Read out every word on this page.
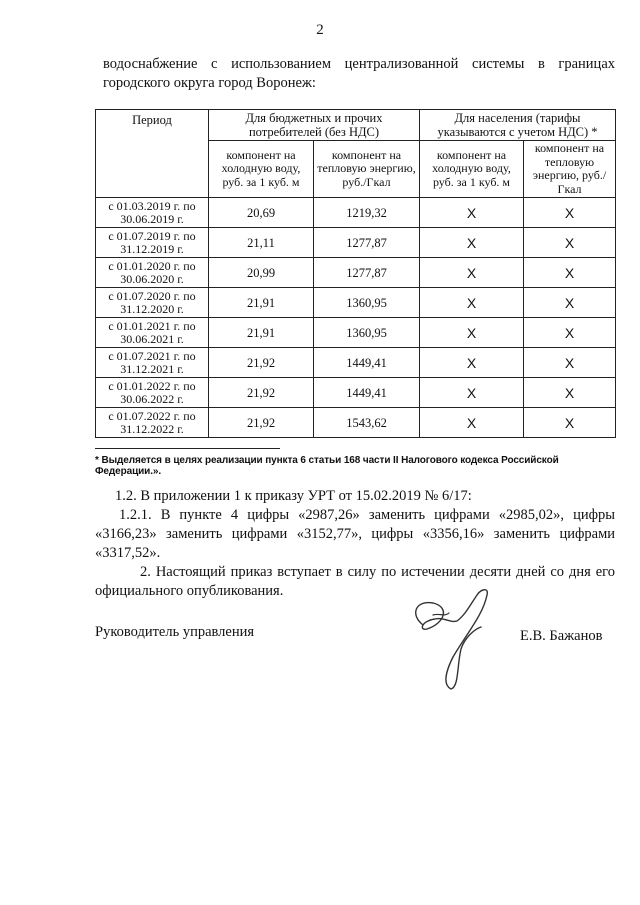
2
водоснабжение с использованием централизованной системы в границах городского округа город Воронеж:
Период	Для бюджетных и прочих потребителей (без НДС)		Для населения (тарифы указываются с учетом НДС) *	
	компонент на холодную воду, руб. за 1 куб. м	компонент на тепловую энергию, руб./Гкал	компонент на холодную воду, руб. за 1 куб. м	компонент на тепловую энергию, руб./Гкал
с 01.03.2019 г. по 30.06.2019 г.	20,69	1219,32	Х	Х
с 01.07.2019 г. по 31.12.2019 г.	21,11	1277,87	Х	Х
с 01.01.2020 г. по 30.06.2020 г.	20,99	1277,87	Х	Х
с 01.07.2020 г. по 31.12.2020 г.	21,91	1360,95	Х	Х
с 01.01.2021 г. по 30.06.2021 г.	21,91	1360,95	Х	Х
с 01.07.2021 г. по 31.12.2021 г.	21,92	1449,41	Х	Х
с 01.01.2022 г. по 30.06.2022 г.	21,92	1449,41	Х	Х
с 01.07.2022 г. по 31.12.2022 г.	21,92	1543,62	Х	Х
* Выделяется в целях реализации пункта 6 статьи 168 части II Налогового кодекса Российской Федерации.».
1.2. В приложении 1 к приказу УРТ от 15.02.2019 № 6/17:
1.2.1. В пункте 4 цифры «2987,26» заменить цифрами «2985,02», цифры «3166,23» заменить цифрами «3152,77», цифры «3356,16» заменить цифрами «3317,52».
2. Настоящий приказ вступает в силу по истечении десяти дней со дня его официального опубликования.
Руководитель управления	Е.В. Бажанов
